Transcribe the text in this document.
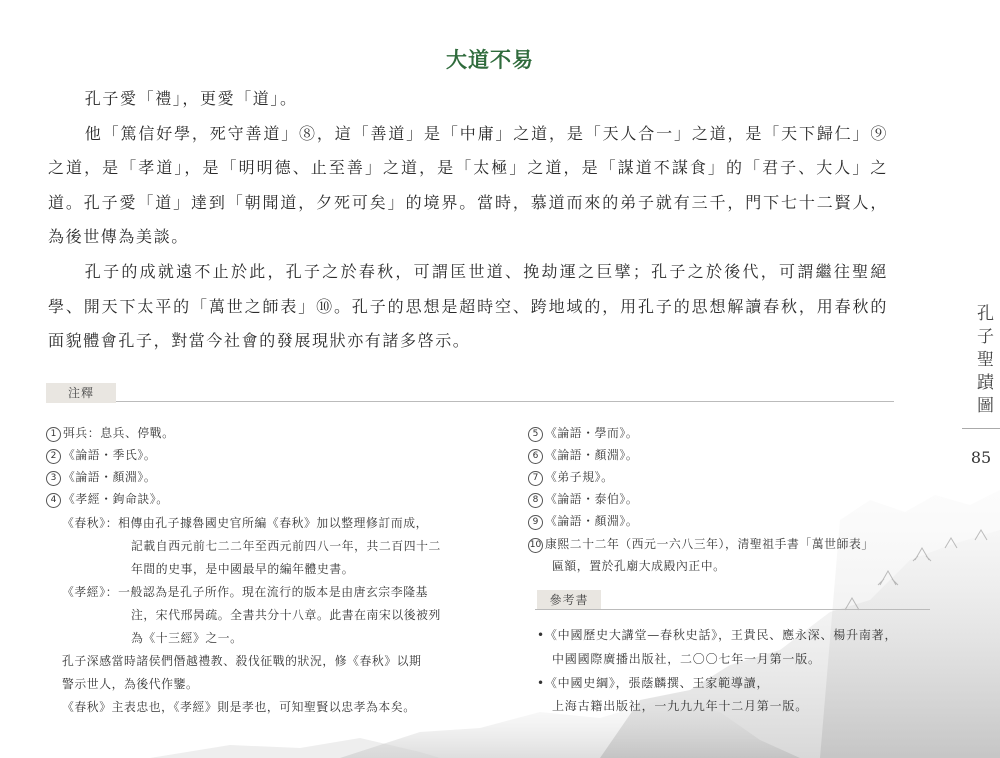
大道不易

孔子愛「禮」，更愛「道」。

他「篤信好學，死守善道」⑧，這「善道」是「中庸」之道，是「天人合一」之道，是「天下歸仁」⑨之道，是「孝道」，是「明明德、止至善」之道，是「太極」之道，是「謀道不謀食」的「君子、大人」之道。孔子愛「道」達到「朝聞道，夕死可矣」的境界。當時，慕道而來的弟子就有三千，門下七十二賢人，為後世傳為美談。

孔子的成就遠不止於此，孔子之於春秋，可謂匡世道、挽劫運之巨擘；孔子之於後代，可謂繼往聖絕學、開天下太平的「萬世之師表」⑩。孔子的思想是超時空、跨地域的，用孔子的思想解讀春秋，用春秋的面貌體會孔子，對當今社會的發展現狀亦有諸多啓示。

注釋
1 弭兵：息兵、停戰。
2 《論語・季氏》。
3 《論語・顏淵》。
4 《孝經・鉤命訣》。
《春秋》：相傳由孔子據魯國史官所編《春秋》加以整理修訂而成，
記載自西元前七二二年至西元前四八一年，共二百四十二
年間的史事，是中國最早的編年體史書。
《孝經》：一般認為是孔子所作。現在流行的版本是由唐玄宗李隆基
注，宋代邢昺疏。全書共分十八章。此書在南宋以後被列
為《十三經》之一。
孔子深感當時諸侯們僭越禮教、殺伐征戰的狀況，修《春秋》以期
警示世人，為後代作鑒。
《春秋》主表忠也，《孝經》則是孝也，可知聖賢以忠孝為本矣。
5 《論語・學而》。
6 《論語・顏淵》。
7 《弟子規》。
8 《論語・泰伯》。
9 《論語・顏淵》。
10 康熙二十二年（西元一六八三年），清聖祖手書「萬世師表」
匾額，置於孔廟大成殿內正中。
參考書
•《中國歷史大講堂—春秋史話》，王貴民、應永深、楊升南著，
中國國際廣播出版社，二〇〇七年一月第一版。
•《中國史綱》，張蔭麟撰、王家範導讀，
上海古籍出版社，一九九九年十二月第一版。
孔子聖蹟圖
85
